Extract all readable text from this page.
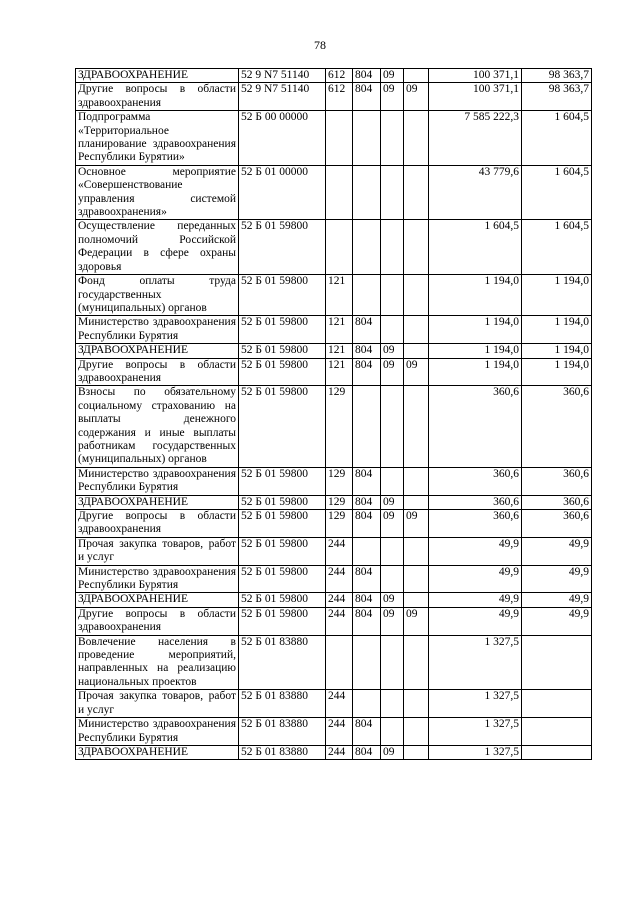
78
ЗДРАВООХРАНЕНИЕ	52 9 N7 51140	612	804	09		100 371,1	98 363,7
Другие вопросы в области здравоохранения	52 9 N7 51140	612	804	09	09	100 371,1	98 363,7
Подпрограмма «Территориальное планирование здравоохранения Республики Бурятии»	52 Б 00 00000					7 585 222,3	1 604,5
Основное мероприятие «Совершенствование управления системой здравоохранения»	52 Б 01 00000					43 779,6	1 604,5
Осуществление переданных полномочий Российской Федерации в сфере охраны здоровья	52 Б 01 59800					1 604,5	1 604,5
Фонд оплаты труда государственных (муниципальных) органов	52 Б 01 59800	121				1 194,0	1 194,0
Министерство здравоохранения Республики Бурятия	52 Б 01 59800	121	804			1 194,0	1 194,0
ЗДРАВООХРАНЕНИЕ	52 Б 01 59800	121	804	09		1 194,0	1 194,0
Другие вопросы в области здравоохранения	52 Б 01 59800	121	804	09	09	1 194,0	1 194,0
Взносы по обязательному социальному страхованию на выплаты денежного содержания и иные выплаты работникам государственных (муниципальных) органов	52 Б 01 59800	129				360,6	360,6
Министерство здравоохранения Республики Бурятия	52 Б 01 59800	129	804			360,6	360,6
ЗДРАВООХРАНЕНИЕ	52 Б 01 59800	129	804	09		360,6	360,6
Другие вопросы в области здравоохранения	52 Б 01 59800	129	804	09	09	360,6	360,6
Прочая закупка товаров, работ и услуг	52 Б 01 59800	244				49,9	49,9
Министерство здравоохранения Республики Бурятия	52 Б 01 59800	244	804			49,9	49,9
ЗДРАВООХРАНЕНИЕ	52 Б 01 59800	244	804	09		49,9	49,9
Другие вопросы в области здравоохранения	52 Б 01 59800	244	804	09	09	49,9	49,9
Вовлечение населения в проведение мероприятий, направленных на реализацию национальных проектов	52 Б 01 83880					1 327,5	
Прочая закупка товаров, работ и услуг	52 Б 01 83880	244				1 327,5	
Министерство здравоохранения Республики Бурятия	52 Б 01 83880	244	804			1 327,5	
ЗДРАВООХРАНЕНИЕ	52 Б 01 83880	244	804	09		1 327,5	
